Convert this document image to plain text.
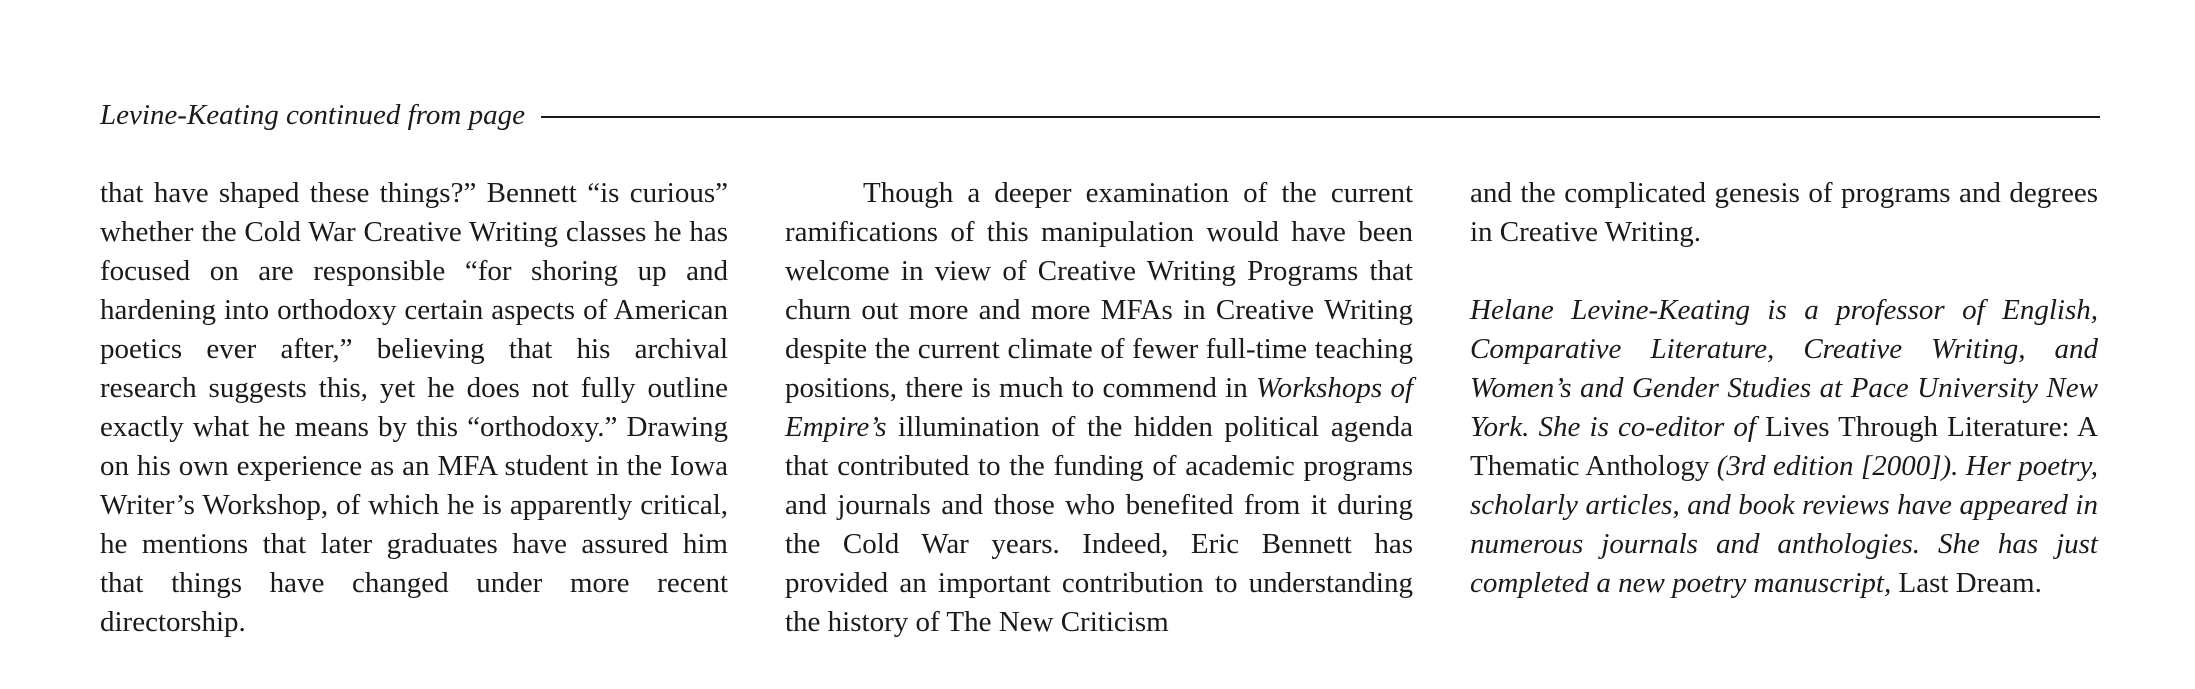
Levine-Keating continued from page

that have shaped these things?” Bennett “is curious” whether the Cold War Creative Writing classes he has focused on are responsible “for shoring up and hardening into orthodoxy certain aspects of American poetics ever after,” believing that his archival research suggests this, yet he does not fully outline exactly what he means by this “orthodoxy.” Drawing on his own experience as an MFA student in the Iowa Writer’s Workshop, of which he is apparently critical, he mentions that later graduates have assured him that things have changed under more recent directorship.

Though a deeper examination of the current ramifications of this manipulation would have been welcome in view of Creative Writing Programs that churn out more and more MFAs in Creative Writing despite the current climate of fewer full-time teaching positions, there is much to commend in Workshops of Empire’s illumination of the hidden political agenda that contributed to the funding of academic programs and journals and those who benefited from it during the Cold War years. Indeed, Eric Bennett has provided an important contribution to understanding the history of The New Criticism

and the complicated genesis of programs and degrees in Creative Writing.

Helane Levine-Keating is a professor of English, Comparative Literature, Creative Writing, and Women’s and Gender Studies at Pace University New York. She is co-editor of Lives Through Literature: A Thematic Anthology (3rd edition [2000]). Her poetry, scholarly articles, and book reviews have appeared in numerous journals and anthologies. She has just completed a new poetry manuscript, Last Dream.
